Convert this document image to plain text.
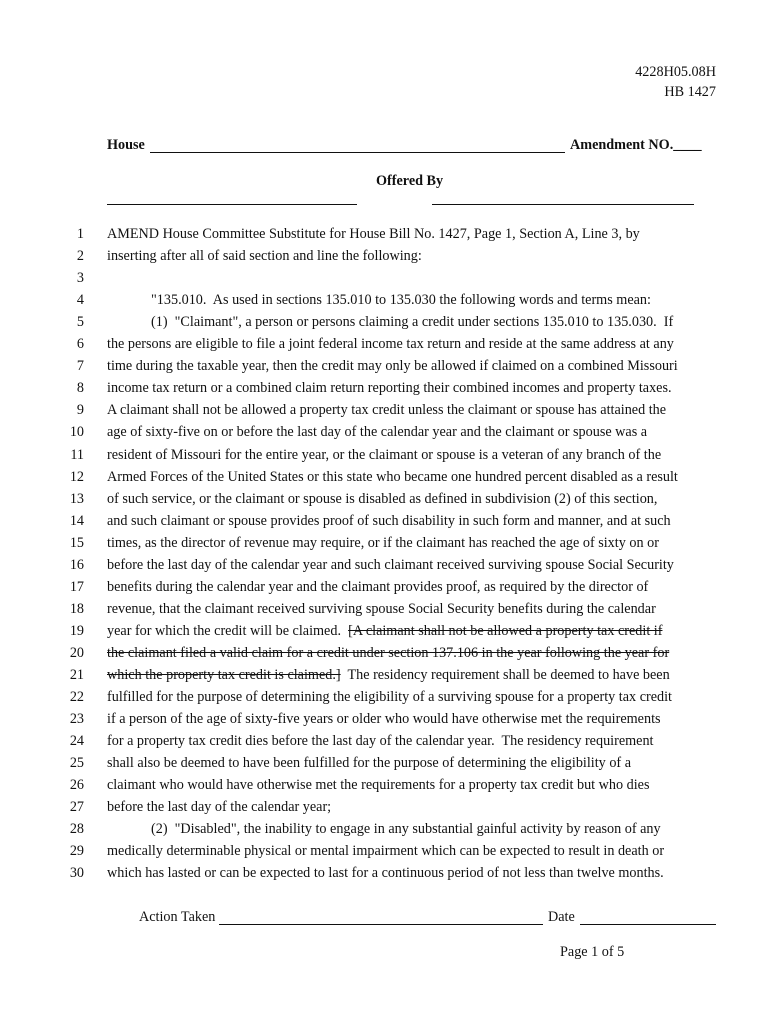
4228H05.08H
HB 1427
House	Amendment NO.____
Offered By
1 AMEND House Committee Substitute for House Bill No. 1427, Page 1, Section A, Line 3, by
2 inserting after all of said section and line the following:
3
4	"135.010.  As used in sections 135.010 to 135.030 the following words and terms mean:
5	(1)  "Claimant", a person or persons claiming a credit under sections 135.010 to 135.030.  If
6 the persons are eligible to file a joint federal income tax return and reside at the same address at any
7 time during the taxable year, then the credit may only be allowed if claimed on a combined Missouri
8 income tax return or a combined claim return reporting their combined incomes and property taxes.
9 A claimant shall not be allowed a property tax credit unless the claimant or spouse has attained the
10 age of sixty-five on or before the last day of the calendar year and the claimant or spouse was a
11 resident of Missouri for the entire year, or the claimant or spouse is a veteran of any branch of the
12 Armed Forces of the United States or this state who became one hundred percent disabled as a result
13 of such service, or the claimant or spouse is disabled as defined in subdivision (2) of this section,
14 and such claimant or spouse provides proof of such disability in such form and manner, and at such
15 times, as the director of revenue may require, or if the claimant has reached the age of sixty on or
16 before the last day of the calendar year and such claimant received surviving spouse Social Security
17 benefits during the calendar year and the claimant provides proof, as required by the director of
18 revenue, that the claimant received surviving spouse Social Security benefits during the calendar
19 year for which the credit will be claimed.  [A claimant shall not be allowed a property tax credit if
20 the claimant filed a valid claim for a credit under section 137.106 in the year following the year for
21 which the property tax credit is claimed.]  The residency requirement shall be deemed to have been
22 fulfilled for the purpose of determining the eligibility of a surviving spouse for a property tax credit
23 if a person of the age of sixty-five years or older who would have otherwise met the requirements
24 for a property tax credit dies before the last day of the calendar year.  The residency requirement
25 shall also be deemed to have been fulfilled for the purpose of determining the eligibility of a
26 claimant who would have otherwise met the requirements for a property tax credit but who dies
27 before the last day of the calendar year;
28	(2)  "Disabled", the inability to engage in any substantial gainful activity by reason of any
29 medically determinable physical or mental impairment which can be expected to result in death or
30 which has lasted or can be expected to last for a continuous period of not less than twelve months.
Action Taken	Date
Page 1 of 5
